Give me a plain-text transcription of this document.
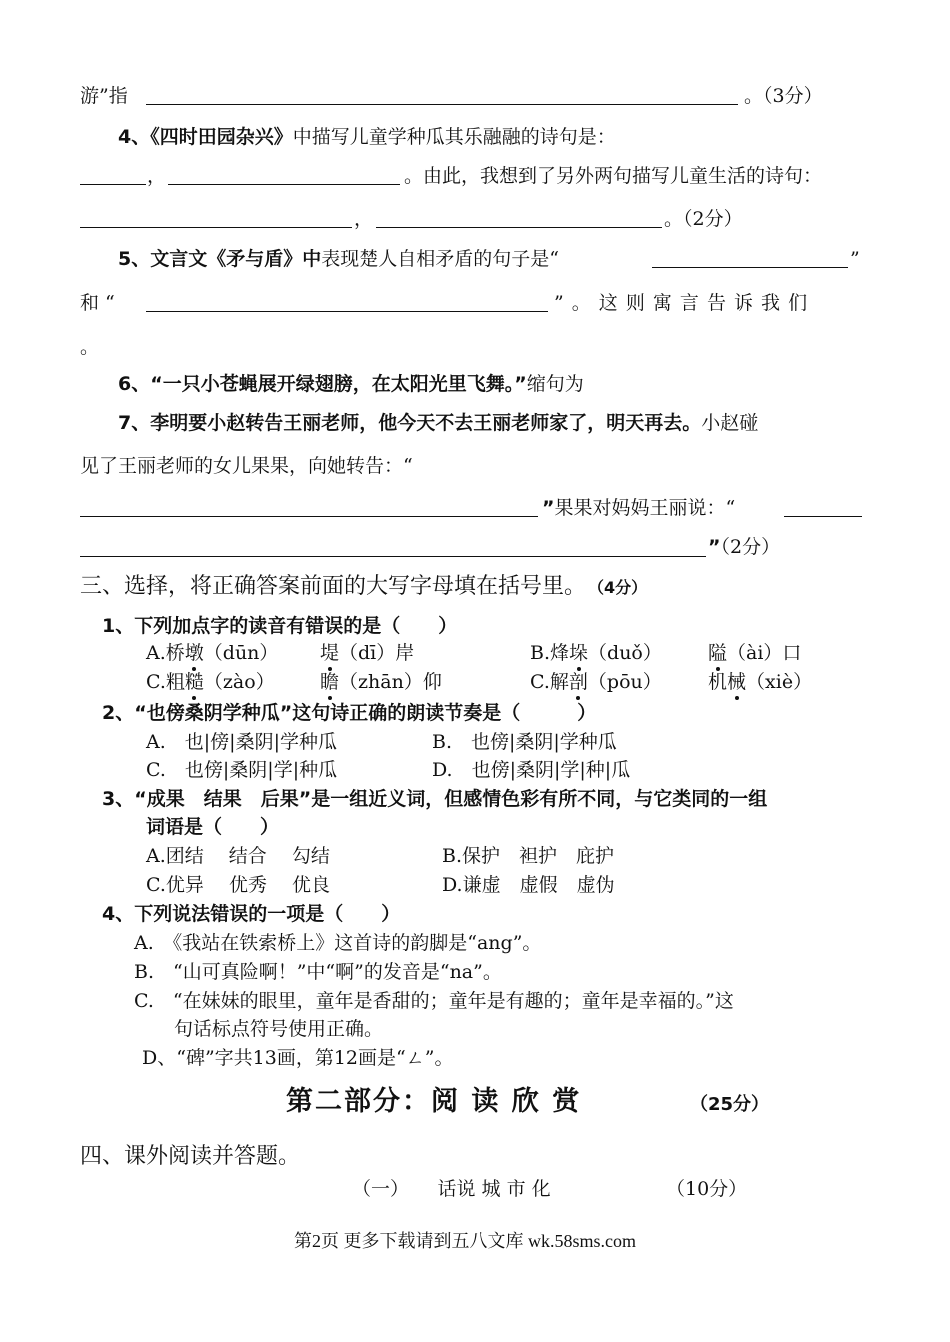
游”指	。（3分）
4、《四时田园杂兴》中描写儿童学种瓜其乐融融的诗句是：
，	。由此，我想到了另外两句描写儿童生活的诗句：
，	。（2分）
5、文言文《矛与盾》中表现楚人自相矛盾的句子是“	”
和 “	” 。 这 则 寓 言 告 诉 我 们
。
6、“一只小苍蝇展开绿翅膀，在太阳光里飞舞。”缩句为
7、李明要小赵转告王丽老师，他今天不去王丽老师家了，明天再去。小赵碰
见了王丽老师的女儿果果，向她转告：“
”果果对妈妈王丽说：“
”（2分）
三、选择，将正确答案前面的大写字母填在括号里。 （4分）
1、下列加点字的读音有错误的是（　　）
A.桥墩（dūn） 堤（dī）岸	B.烽垛（duǒ） 隘（ài）口
C.粗糙（zào） 瞻（zhān）仰	C.解剖（pōu） 机械（xiè）
2、“也傍桑阴学种瓜”这句诗正确的朗读节奏是（　　　）
A.　也|傍|桑阴|学种瓜	B.　也傍|桑阴|学种瓜
C.　也傍|桑阴|学|种瓜	D.　也傍|桑阴|学|种|瓜
3、“成果　结果　后果”是一组近义词，但感情色彩有所不同，与它类同的一组
词语是（　　）
A.团结　 结合　 勾结	B.保护　袒护　庇护
C.优异　 优秀　 优良	D.谦虚　虚假　虚伪
4、下列说法错误的一项是（　　）
A.　《我站在铁索桥上》这首诗的韵脚是“ang”。
B.　“山可真险啊！”中“啊”的发音是“na”。
C.　“在妹妹的眼里，童年是香甜的；童年是有趣的；童年是幸福的。”这
句话标点符号使用正确。
D、“碑”字共13画，第12画是“ㄥ”。
第二部分：阅 读 欣 赏	（25分）
四、课外阅读并答题。
（一）　　话说 城 市 化	（10分）
第2页 更多下载请到五八文库 wk.58sms.com
